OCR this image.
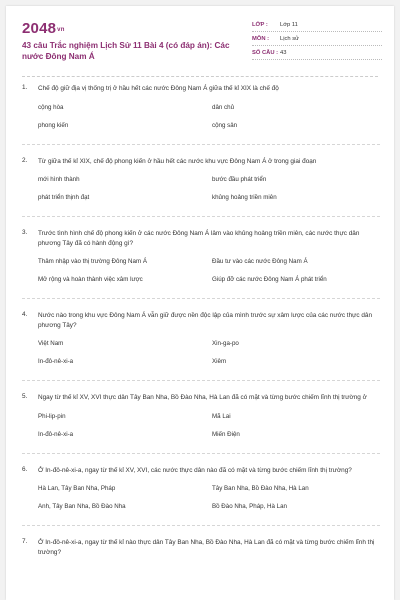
2048vn
43 câu Trắc nghiệm Lịch Sử 11 Bài 4 (có đáp án): Các nước Đông Nam Á
LỚP :	Lớp 11
MÔN :	Lịch sử
SỐ CÂU : 43
1. Chế độ giữ địa vị thống trị ở hầu hết các nước Đông Nam Á giữa thế kỉ XIX là chế độ
cộng hòa	dân chủ
phong kiến	cộng sản
2. Từ giữa thế kỉ XIX, chế độ phong kiến ở hầu hết các nước khu vực Đông Nam Á ở trong giai đoạn
mới hình thành	bước đầu phát triển
phát triển thịnh đạt	khủng hoảng triền miên
3. Trước tình hình chế độ phong kiến ở các nước Đông Nam Á lâm vào khủng hoảng triền miên, các nước thực dân phương Tây đã có hành động gì?
Thâm nhập vào thị trường Đông Nam Á	Đầu tư vào các nước Đông Nam Á
Mở rộng và hoàn thành việc xâm lược	Giúp đỡ các nước Đông Nam Á phát triển
4. Nước nào trong khu vực Đông Nam Á vẫn giữ được nền độc lập của mình trước sự xâm lược của các nước thực dân phương Tây?
Việt Nam	Xin-ga-po
In-đô-nê-xi-a	Xiêm
5. Ngay từ thế kỉ XV, XVI thực dân Tây Ban Nha, Bồ Đào Nha, Hà Lan đã có mặt và từng bước chiếm lĩnh thị trường ở
Phi-lip-pin	Mã Lai
In-đô-nê-xi-a	Miến Điện
6. Ở In-đô-nê-xi-a, ngay từ thế kỉ XV, XVI, các nước thực dân nào đã có mặt và từng bước chiếm lĩnh thị trường?
Hà Lan, Tây Ban Nha, Pháp	Tây Ban Nha, Bồ Đào Nha, Hà Lan
Anh, Tây Ban Nha, Bồ Đào Nha	Bồ Đào Nha, Pháp, Hà Lan
7. Ở In-đô-nê-xi-a, ngay từ thế kỉ nào thực dân Tây Ban Nha, Bồ Đào Nha, Hà Lan đã có mặt và từng bước chiếm lĩnh thị trường?
